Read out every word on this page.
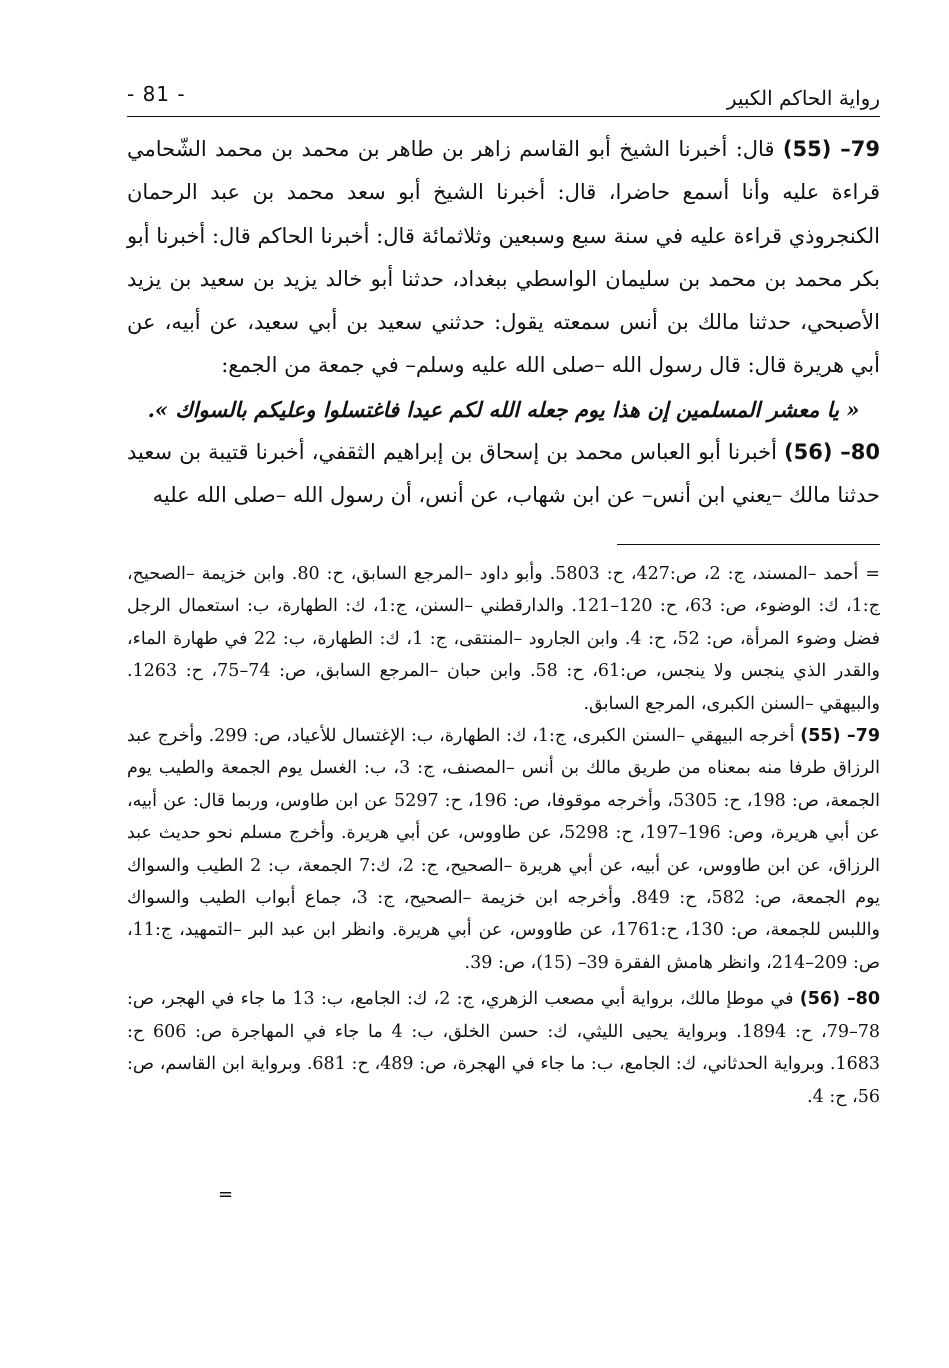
- 81 -	رواية الحاكم الكبير

79– (55) قال: أخبرنا الشيخ أبو القاسم زاهر بن طاهر بن محمد بن محمد الشّحامي قراءة عليه وأنا أسمع حاضرا، قال: أخبرنا الشيخ أبو سعد محمد بن عبد الرحمان الكنجروذي قراءة عليه في سنة سبع وسبعين وثلاثمائة قال: أخبرنا الحاكم قال: أخبرنا أبو بكر محمد بن محمد بن سليمان الواسطي ببغداد، حدثنا أبو خالد يزيد بن سعيد بن يزيد الأصبحي، حدثنا مالك بن أنس سمعته يقول: حدثني سعيد بن أبي سعيد، عن أبيه، عن أبي هريرة قال: قال رسول الله –صلى الله عليه وسلم– في جمعة من الجمع:

« يا معشر المسلمين إن هذا يوم جعله الله لكم عيدا فاغتسلوا وعليكم بالسواك ».

80– (56) أخبرنا أبو العباس محمد بن إسحاق بن إبراهيم الثقفي، أخبرنا قتيبة بن سعيد حدثنا مالك –يعني ابن أنس– عن ابن شهاب، عن أنس، أن رسول الله –صلى الله عليه

= أحمد –المسند، ج: 2، ص:427، ح: 5803. وأبو داود –المرجع السابق، ح: 80. وابن خزيمة –الصحيح، ج:1، ك: الوضوء، ص: 63، ح: 120–121. والدارقطني –السنن، ج:1، ك: الطهارة، ب: استعمال الرجل فضل وضوء المرأة، ص: 52، ح: 4. وابن الجارود –المنتقى، ج: 1، ك: الطهارة، ب: 22 في طهارة الماء، والقدر الذي ينجس ولا ينجس، ص:61، ح: 58. وابن حبان –المرجع السابق، ص: 74–75، ح: 1263. والبيهقي –السنن الكبرى، المرجع السابق.

79– (55) أخرجه البيهقي –السنن الكبرى، ج:1، ك: الطهارة، ب: الإغتسال للأعياد، ص: 299. وأخرج عبد الرزاق طرفا منه بمعناه من طريق مالك بن أنس –المصنف، ج: 3، ب: الغسل يوم الجمعة والطيب يوم الجمعة، ص: 198، ح: 5305، وأخرجه موقوفا، ص: 196، ح: 5297 عن ابن طاوس، وربما قال: عن أبيه، عن أبي هريرة، وص: 196–197، ح: 5298، عن طاووس، عن أبي هريرة. وأخرج مسلم نحو حديث عبد الرزاق، عن ابن طاووس، عن أبيه، عن أبي هريرة –الصحيح، ج: 2، ك:7 الجمعة، ب: 2 الطيب والسواك يوم الجمعة، ص: 582، ح: 849. وأخرجه ابن خزيمة –الصحيح، ج: 3، جماع أبواب الطيب والسواك واللبس للجمعة، ص: 130، ح:1761، عن طاووس، عن أبي هريرة. وانظر ابن عبد البر –التمهيد، ج:11، ص: 209–214، وانظر هامش الفقرة 39– (15)، ص: 39.

80– (56) في موطإ مالك، برواية أبي مصعب الزهري، ج: 2، ك: الجامع، ب: 13 ما جاء في الهجر، ص: 78–79، ح: 1894. وبرواية يحيى الليثي، ك: حسن الخلق، ب: 4 ما جاء في المهاجرة ص: 606 ح: 1683. وبرواية الحدثاني، ك: الجامع، ب: ما جاء في الهجرة، ص: 489، ح: 681. وبرواية ابن القاسم، ص: 56، ح: 4.

=
